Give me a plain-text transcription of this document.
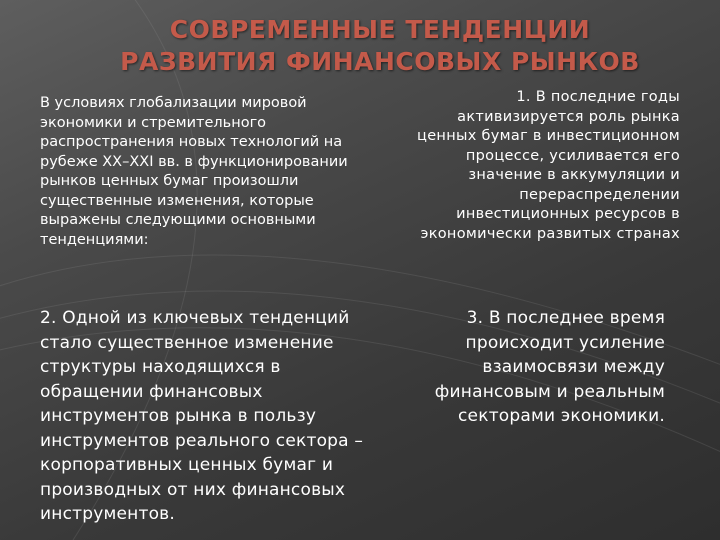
СОВРЕМЕННЫЕ ТЕНДЕНЦИИ РАЗВИТИЯ ФИНАНСОВЫХ РЫНКОВ
В условиях глобализации мировой экономики и стремительного распространения новых технологий на рубеже XX–XXI вв. в функционировании рынков ценных бумаг произошли существенные изменения, которые выражены следующими основными тенденциями:
1. В последние годы активизируется роль рынка ценных бумаг в инвестиционном процессе, усиливается его значение в аккумуляции и перераспределении инвестиционных ресурсов в экономически развитых странах
2. Одной из ключевых тенденций стало существенное изменение структуры находящихся в обращении финансовых инструментов рынка в пользу инструментов реального сектора – корпоративных ценных бумаг и производных от них финансовых инструментов.
3. В последнее время происходит усиление взаимосвязи между финансовым и реальным секторами экономики.
